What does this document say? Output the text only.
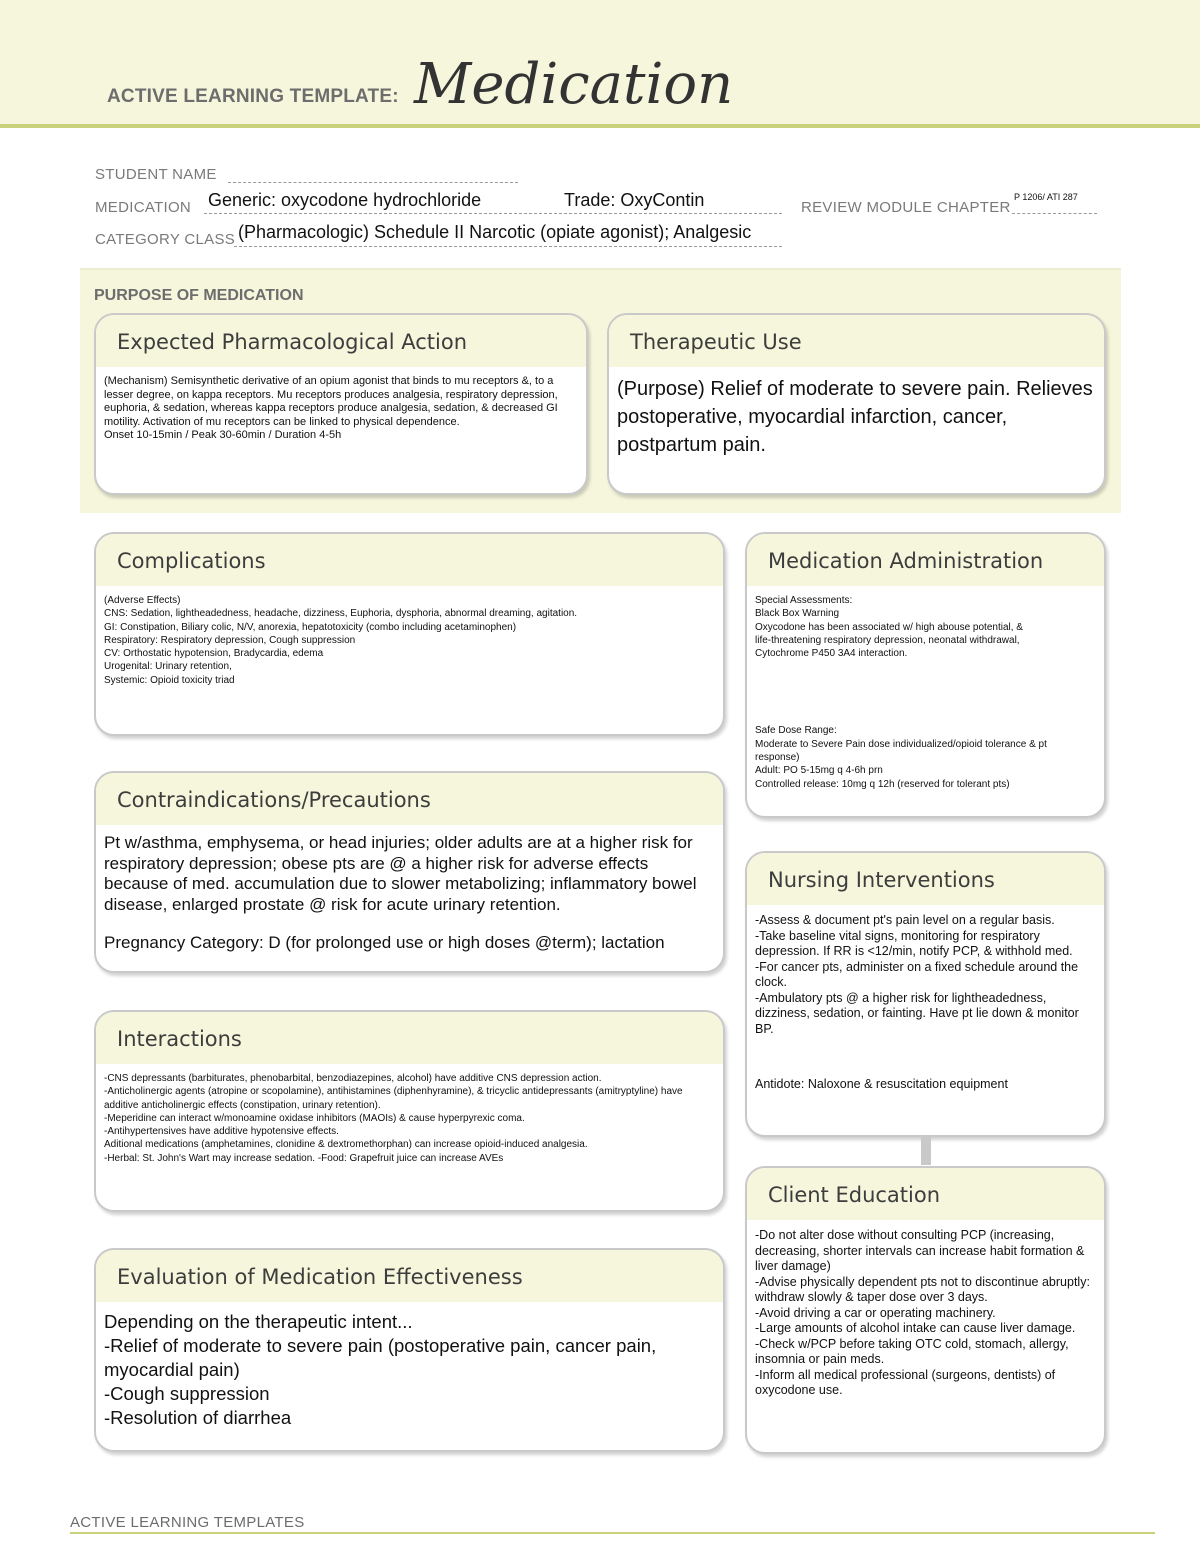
ACTIVE LEARNING TEMPLATE: Medication
STUDENT NAME
MEDICATION Generic: oxycodone hydrochloride	Trade: OxyContin	REVIEW MODULE CHAPTER
P 1206/ ATI 287
CATEGORY CLASS (Pharmacologic) Schedule II Narcotic (opiate agonist); Analgesic
PURPOSE OF MEDICATION
Expected Pharmacological Action
(Mechanism) Semisynthetic derivative of an opium agonist that binds to mu receptors &, to a lesser degree, on kappa receptors. Mu receptors produces analgesia, respiratory depression, euphoria, & sedation, whereas kappa receptors produce analgesia, sedation, & decreased GI motility. Activation of mu receptors can be linked to physical dependence.
Onset 10-15min / Peak 30-60min / Duration 4-5h
Therapeutic Use
(Purpose) Relief of moderate to severe pain. Relieves postoperative, myocardial infarction, cancer, postpartum pain.
Complications
(Adverse Effects)
CNS: Sedation, lightheadedness, headache, dizziness, Euphoria, dysphoria, abnormal dreaming, agitation.
GI: Constipation, Biliary colic, N/V, anorexia, hepatotoxicity (combo including acetaminophen)
Respiratory: Respiratory depression, Cough suppression
CV: Orthostatic hypotension, Bradycardia, edema
Urogenital: Urinary retention,
Systemic: Opioid toxicity triad
Medication Administration
Special Assessments:
Black Box Warning
Oxycodone has been associated w/ high abouse potential, &
life-threatening respiratory depression, neonatal withdrawal,
Cytochrome P450 3A4 interaction.
Safe Dose Range:
Moderate to Severe Pain dose individualized/opioid tolerance & pt response)
Adult: PO 5-15mg q 4-6h prn
Controlled release: 10mg q 12h (reserved for tolerant pts)
Contraindications/Precautions
Pt w/asthma, emphysema, or head injuries; older adults are at a higher risk for respiratory depression; obese pts are @ a higher risk for adverse effects because of med. accumulation due to slower metabolizing; inflammatory bowel disease, enlarged prostate @ risk for acute urinary retention.
Pregnancy Category: D (for prolonged use or high doses @term); lactation
Nursing Interventions
-Assess & document pt's pain level on a regular basis.
-Take baseline vital signs, monitoring for respiratory depression. If RR is <12/min, notify PCP, & withhold med.
-For cancer pts, administer on a fixed schedule around the clock.
-Ambulatory pts @ a higher risk for lightheadedness, dizziness, sedation, or fainting. Have pt lie down & monitor BP.
Antidote: Naloxone & resuscitation equipment
Interactions
-CNS depressants (barbiturates, phenobarbital, benzodiazepines, alcohol) have additive CNS depression action.
-Anticholinergic agents (atropine or scopolamine), antihistamines (diphenhyramine), & tricyclic antidepressants (amitryptyline) have additive anticholinergic effects (constipation, urinary retention).
-Meperidine can interact w/monoamine oxidase inhibitors (MAOIs) & cause hyperpyrexic coma.
-Antihypertensives have additive hypotensive effects.
Aditional medications (amphetamines, clonidine & dextromethorphan) can increase opioid-induced analgesia.
-Herbal: St. John's Wart may increase sedation. -Food: Grapefruit juice can increase AVEs
Client Education
-Do not alter dose without consulting PCP (increasing, decreasing, shorter intervals can increase habit formation & liver damage)
-Advise physically dependent pts not to discontinue abruptly: withdraw slowly & taper dose over 3 days.
-Avoid driving a car or operating machinery.
-Large amounts of alcohol intake can cause liver damage.
-Check w/PCP before taking OTC cold, stomach, allergy, insomnia or pain meds.
-Inform all medical professional (surgeons, dentists) of oxycodone use.
Evaluation of Medication Effectiveness
Depending on the therapeutic intent...
-Relief of moderate to severe pain (postoperative pain, cancer pain, myocardial pain)
-Cough suppression
-Resolution of diarrhea
ACTIVE LEARNING TEMPLATES
